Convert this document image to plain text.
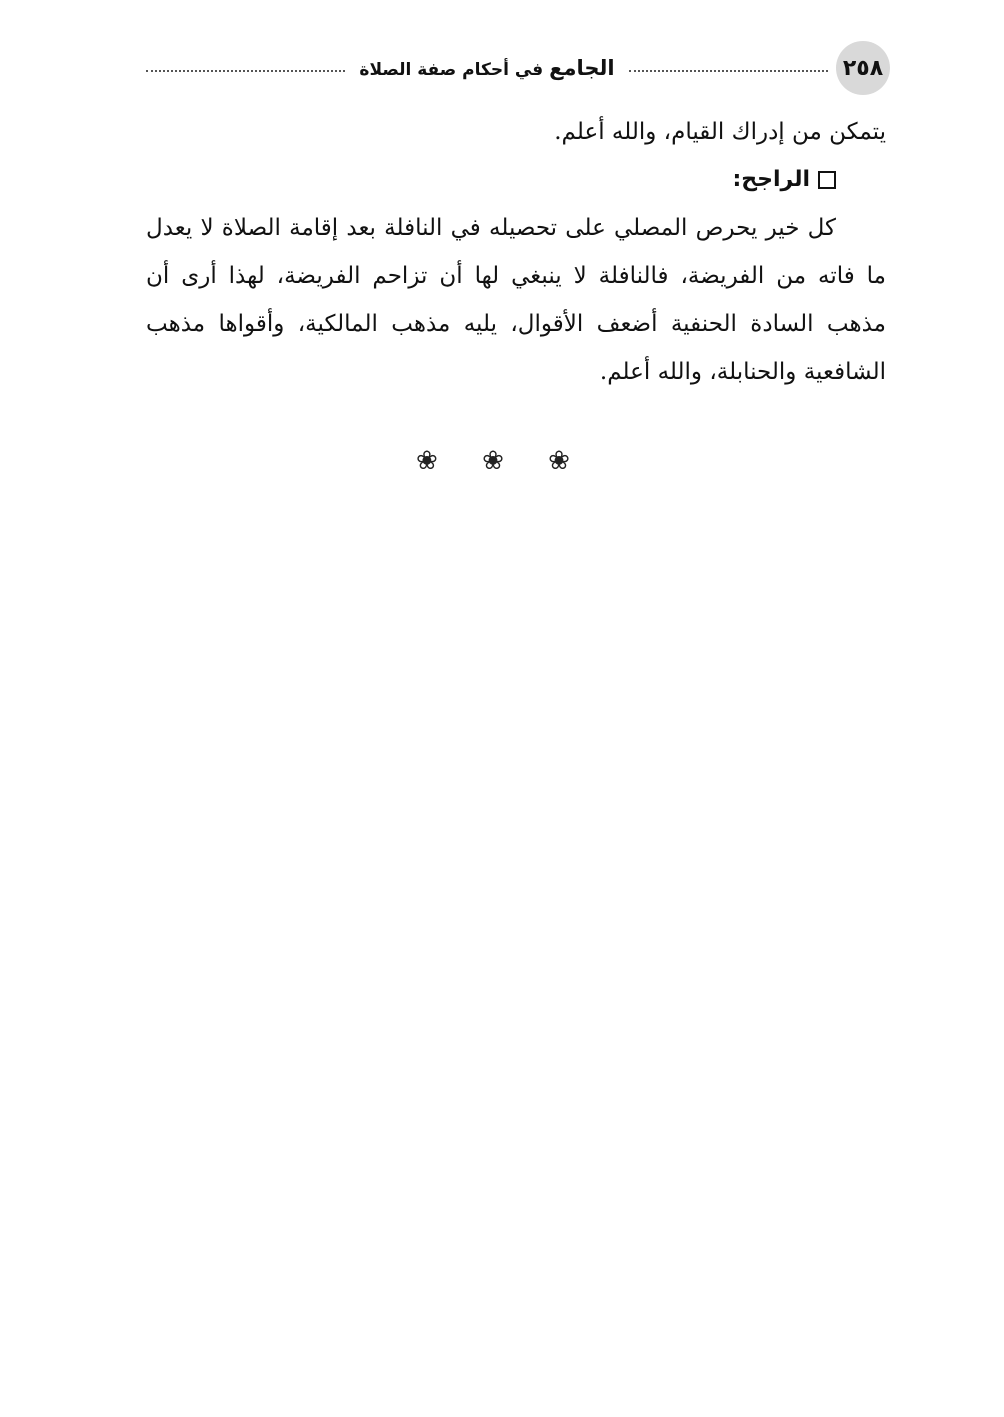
٢٥٨
الجامع في أحكام صفة الصلاة

يتمكن من إدراك القيام، والله أعلم.

الراجح:

كل خير يحرص المصلي على تحصيله في النافلة بعد إقامة الصلاة لا يعدل ما فاته من الفريضة، فالنافلة لا ينبغي لها أن تزاحم الفريضة، لهذا أرى أن مذهب السادة الحنفية أضعف الأقوال، يليه مذهب المالكية، وأقواها مذهب الشافعية والحنابلة، والله أعلم.

❀ ❀ ❀
